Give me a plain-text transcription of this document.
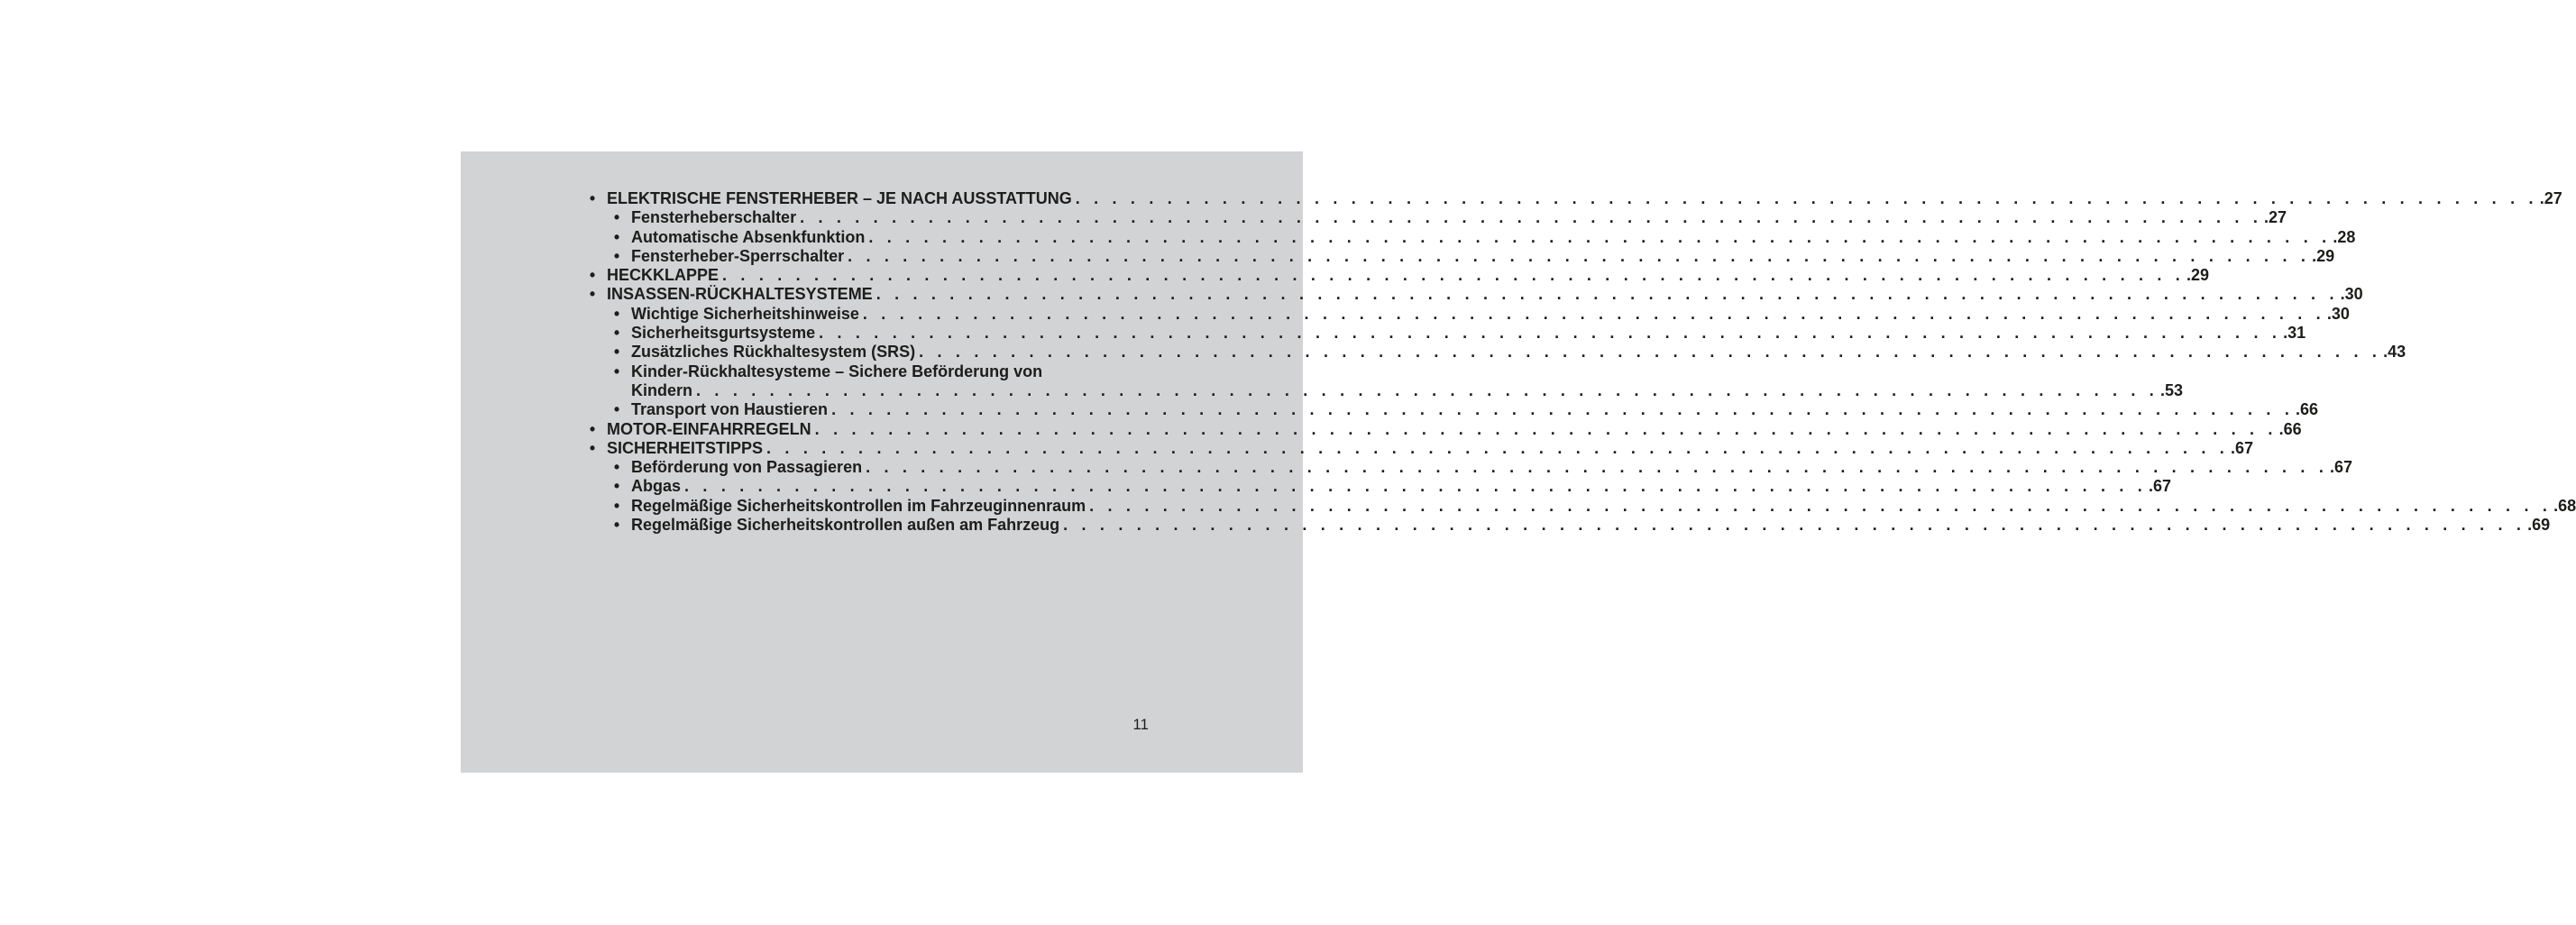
• ELEKTRISCHE FENSTERHEBER – JE NACH AUSSTATTUNG . . . . . . . . . . . . . . . . . . . . . . . . . . . . . . . . . . . . . . . . . . . . . . . . . . . . . . . . . . . . . . . . . . . . . . . . . . . . . . . . .27
• Fensterheberschalter . . . . . . . . . . . . . . . . . . . . . . . . . . . . . . . . . . . . . . . . . . . . . . . . . . . . . . . . . . . . . . . . . . . . . . . . . . . . . . . . .27
• Automatische Absenkfunktion . . . . . . . . . . . . . . . . . . . . . . . . . . . . . . . . . . . . . . . . . . . . . . . . . . . . . . . . . . . . . . . . . . . . . . . . . . . . . . . . .28
• Fensterheber-Sperrschalter . . . . . . . . . . . . . . . . . . . . . . . . . . . . . . . . . . . . . . . . . . . . . . . . . . . . . . . . . . . . . . . . . . . . . . . . . . . . . . . . .29
• HECKKLAPPE . . . . . . . . . . . . . . . . . . . . . . . . . . . . . . . . . . . . . . . . . . . . . . . . . . . . . . . . . . . . . . . . . . . . . . . . . . . . . . . . .29
• INSASSEN-RÜCKHALTESYSTEME . . . . . . . . . . . . . . . . . . . . . . . . . . . . . . . . . . . . . . . . . . . . . . . . . . . . . . . . . . . . . . . . . . . . . . . . . . . . . . . . .30
• Wichtige Sicherheitshinweise . . . . . . . . . . . . . . . . . . . . . . . . . . . . . . . . . . . . . . . . . . . . . . . . . . . . . . . . . . . . . . . . . . . . . . . . . . . . . . . . .30
• Sicherheitsgurtsysteme . . . . . . . . . . . . . . . . . . . . . . . . . . . . . . . . . . . . . . . . . . . . . . . . . . . . . . . . . . . . . . . . . . . . . . . . . . . . . . . . .31
• Zusätzliches Rückhaltesystem (SRS) . . . . . . . . . . . . . . . . . . . . . . . . . . . . . . . . . . . . . . . . . . . . . . . . . . . . . . . . . . . . . . . . . . . . . . . . . . . . . . . . .43
• Kinder-Rückhaltesysteme – Sichere Beförderung von
Kindern . . . . . . . . . . . . . . . . . . . . . . . . . . . . . . . . . . . . . . . . . . . . . . . . . . . . . . . . . . . . . . . . . . . . . . . . . . . . . . . . .53
• Transport von Haustieren . . . . . . . . . . . . . . . . . . . . . . . . . . . . . . . . . . . . . . . . . . . . . . . . . . . . . . . . . . . . . . . . . . . . . . . . . . . . . . . . .66
• MOTOR-EINFAHRREGELN . . . . . . . . . . . . . . . . . . . . . . . . . . . . . . . . . . . . . . . . . . . . . . . . . . . . . . . . . . . . . . . . . . . . . . . . . . . . . . . . .66
• SICHERHEITSTIPPS . . . . . . . . . . . . . . . . . . . . . . . . . . . . . . . . . . . . . . . . . . . . . . . . . . . . . . . . . . . . . . . . . . . . . . . . . . . . . . . . .67
• Beförderung von Passagieren . . . . . . . . . . . . . . . . . . . . . . . . . . . . . . . . . . . . . . . . . . . . . . . . . . . . . . . . . . . . . . . . . . . . . . . . . . . . . . . . .67
• Abgas . . . . . . . . . . . . . . . . . . . . . . . . . . . . . . . . . . . . . . . . . . . . . . . . . . . . . . . . . . . . . . . . . . . . . . . . . . . . . . . . .67
• Regelmäßige Sicherheitskontrollen im Fahrzeuginnenraum . . . . . . . . . . . . . . . . . . . . . . . . . . . . . . . . . . . . . . . . . . . . . . . . . . . . . . . . . . . . . . . . . . . . . . . . . . . . . . . . .68
• Regelmäßige Sicherheitskontrollen außen am Fahrzeug . . . . . . . . . . . . . . . . . . . . . . . . . . . . . . . . . . . . . . . . . . . . . . . . . . . . . . . . . . . . . . . . . . . . . . . . . . . . . . . . .69
11
